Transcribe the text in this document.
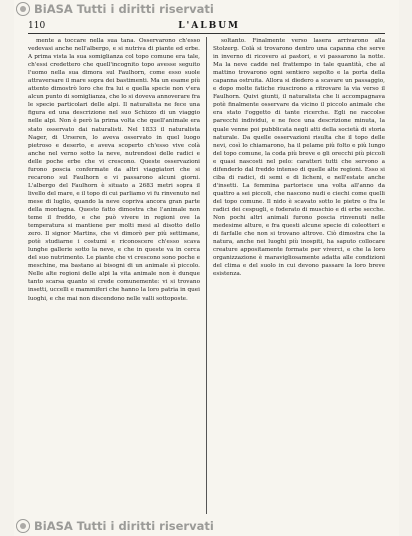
BiASA Tutti i diritti riservati
110	L'ALBUM

mente a toccare nella sua tana. Osservarono ch'esso vedevasi anche nell'albergo, e si nutriva di piante ed erbe. A prima vista la sua somiglianza col topo comune era tale, ch'essi credettero che quell'incognito topo avesse seguito l'uomo nella sua dimora sul Faulhorn, come esso suole attraversare il mare sopra dei bastimenti. Ma un esame più attento dimostrò loro che fra lui e quella specie non v'era alcun punto di somiglianza, che lo si doveva annoverare fra le specie particolari delle alpi. Il naturalista ne fece una figura ed una descrizione nel suo Schizzo di un viaggio nelle alpi. Non è però la prima volta che quell'animale era stato osservato dai naturalisti. Nel 1833 il naturalista Nager, di Urseren, lo aveva osservato in quel luogo pietroso e deserto, e aveva scoperto ch'esso vive colà anche nel verno sotto la neve, nutrendosi delle radici e delle poche erbe che vi crescono. Queste osservazioni furono poscia confermate da altri viaggiatori che si recarono sul Faulhorn e vi passarono alcuni giorni. L'albergo del Faulhorn è situato a 2683 metri sopra il livello del mare, e il topo di cui parliamo vi fu rinvenuto nel mese di luglio, quando la neve copriva ancora gran parte della montagna. Questo fatto dimostra che l'animale non teme il freddo, e che può vivere in regioni ove la temperatura si mantiene per molti mesi al disotto dello zero. Il signor Martins, che vi dimorò per più settimane, potè studiarne i costumi e riconoscere ch'esso scava lunghe gallerie sotto la neve, e che in queste va in cerca del suo nutrimento. Le piante che vi crescono sono poche e meschine, ma bastano ai bisogni di un animale sì piccolo. Nelle alte regioni delle alpi la vita animale non è dunque tanto scarsa quanto si crede comunemente: vi si trovano insetti, uccelli e mammiferi che hanno la loro patria in quei luoghi, e che mai non discendono nelle valli sottoposte.

soltanto. Finalmente verso lasera arrivarono alla Stolzerg. Colà si trovarono dentro una capanna che serve in inverno di ricovero ai pastori, e vi passarono la notte. Ma la neve cadde nel frattempo in tale quantità, che al mattino trovarono ogni sentiero sepolto e la porta della capanna ostruita. Allora si diedero a scavare un passaggio, e dopo molte fatiche riuscirono a ritrovare la via verso il Faulhorn. Quivi giunti, il naturalista che li accompagnava potè finalmente osservare da vicino il piccolo animale che era stato l'oggetto di tante ricerche. Egli ne raccolse parecchi individui, e ne fece una descrizione minuta, la quale venne poi pubblicata negli atti della società di storia naturale. Da quelle osservazioni risulta che il topo delle nevi, così lo chiamarono, ha il pelame più folto e più lungo del topo comune, la coda più breve e gli orecchi più piccoli e quasi nascosti nel pelo: caratteri tutti che servono a difenderlo dal freddo intenso di quelle alte regioni. Esso si ciba di radici, di semi e di licheni, e nell'estate anche d'insetti. La femmina partorisce una volta all'anno da quattro a sei piccoli, che nascono nudi e ciechi come quelli del topo comune. Il nido è scavato sotto le pietre o fra le radici dei cespugli, e foderato di muschio e di erbe secche. Non pochi altri animali furono poscia rinvenuti nelle medesime alture, e fra questi alcune specie di coleotteri e di farfalle che non si trovano altrove. Ciò dimostra che la natura, anche nei luoghi più inospiti, ha saputo collocare creature appositamente formate per viverci, e che la loro organizzazione è maravigliosamente adatta alle condizioni del clima e del suolo in cui devono passare la loro breve esistenza.

BiASA Tutti i diritti riservati
